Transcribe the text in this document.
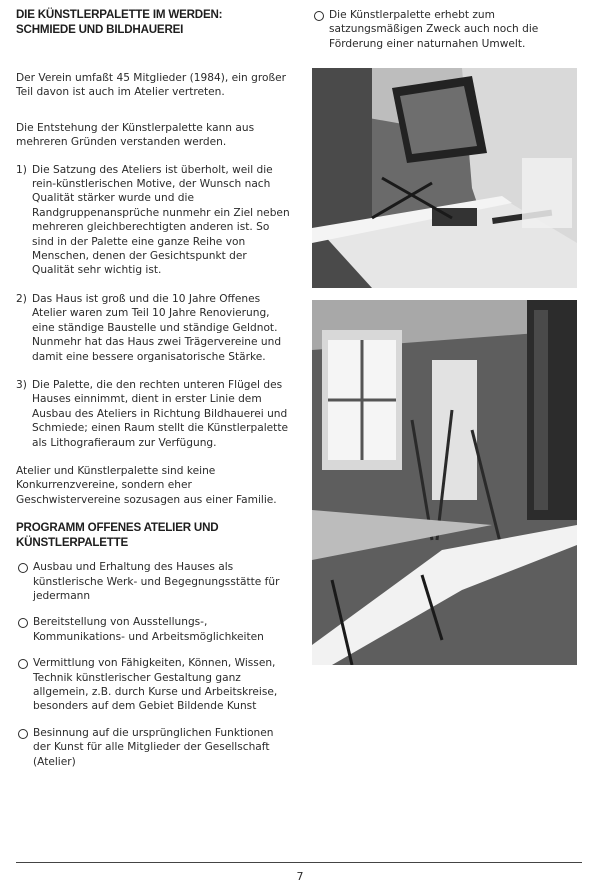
DIE KÜNSTLERPALETTE IM WERDEN:
SCHMIEDE UND BILDHAUEREI

Der Verein umfaßt 45 Mitglieder (1984), ein großer Teil davon ist auch im Atelier vertreten.

Die Entstehung der Künstlerpalette kann aus mehreren Gründen verstanden werden.

1) Die Satzung des Ateliers ist überholt, weil die rein-künstlerischen Motive, der Wunsch nach Qualität stärker wurde und die Randgruppenansprüche nunmehr ein Ziel neben mehreren gleichberechtigten anderen ist. So sind in der Palette eine ganze Reihe von Menschen, denen der Gesichtspunkt der Qualität sehr wichtig ist.
2) Das Haus ist groß und die 10 Jahre Offenes Atelier waren zum Teil 10 Jahre Renovierung, eine ständige Baustelle und ständige Geldnot. Nunmehr hat das Haus zwei Trägervereine und damit eine bessere organisatorische Stärke.
3) Die Palette, die den rechten unteren Flügel des Hauses einnimmt, dient in erster Linie dem Ausbau des Ateliers in Richtung Bildhauerei und Schmiede; einen Raum stellt die Künstlerpalette als Lithografieraum zur Verfügung.

Atelier und Künstlerpalette sind keine Konkurrenzvereine, sondern eher Geschwistervereine sozusagen aus einer Familie.

PROGRAMM OFFENES ATELIER UND
KÜNSTLERPALETTE
Ausbau und Erhaltung des Hauses als künstlerische Werk- und Begegnungsstätte für jedermann
Bereitstellung von Ausstellungs-, Kommunikations- und Arbeitsmöglichkeiten
Vermittlung von Fähigkeiten, Können, Wissen, Technik künstlerischer Gestaltung ganz allgemein, z.B. durch Kurse und Arbeitskreise, besonders auf dem Gebiet Bildende Kunst
Besinnung auf die ursprünglichen Funktionen der Kunst für alle Mitglieder der Gesellschaft (Atelier)
Die Künstlerpalette erhebt zum satzungsmäßigen Zweck auch noch die Förderung einer naturnahen Umwelt.
7
